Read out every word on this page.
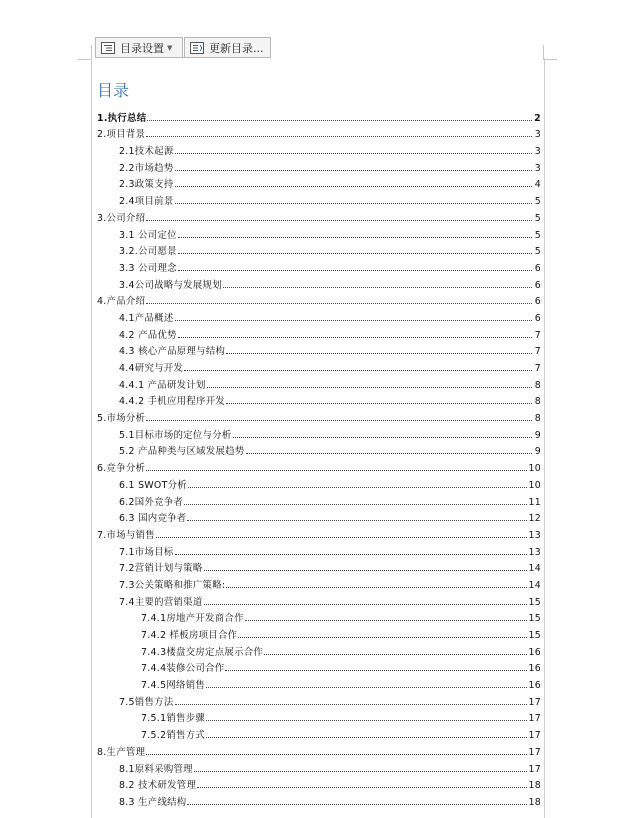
目录设置 ▼	更新目录...
目录
1.执行总结	2
2.项目背景	3
2.1技术起源	3
2.2市场趋势	3
2.3政策支持	4
2.4项目前景	5
3.公司介绍	5
3.1 公司定位	5
3.2.公司愿景	5
3.3 公司理念	6
3.4公司战略与发展规划	6
4.产品介绍	6
4.1产品概述	6
4.2 产品优势	7
4.3 核心产品原理与结构	7
4.4研究与开发	7
4.4.1 产品研发计划	8
4.4.2 手机应用程序开发	8
5.市场分析	8
5.1目标市场的定位与分析	9
5.2 产品种类与区域发展趋势	9
6.竞争分析	10
6.1 SWOT分析	10
6.2国外竞争者	11
6.3 国内竞争者	12
7.市场与销售	13
7.1市场目标	13
7.2营销计划与策略	14
7.3公关策略和推广策略:	14
7.4主要的营销渠道	15
7.4.1房地产开发商合作	15
7.4.2 样板房项目合作	15
7.4.3楼盘交房定点展示合作	16
7.4.4装修公司合作	16
7.4.5网络销售	16
7.5销售方法	17
7.5.1销售步骤	17
7.5.2销售方式	17
8.生产管理	17
8.1原料采购管理	17
8.2 技术研发管理	18
8.3 生产线结构	18
